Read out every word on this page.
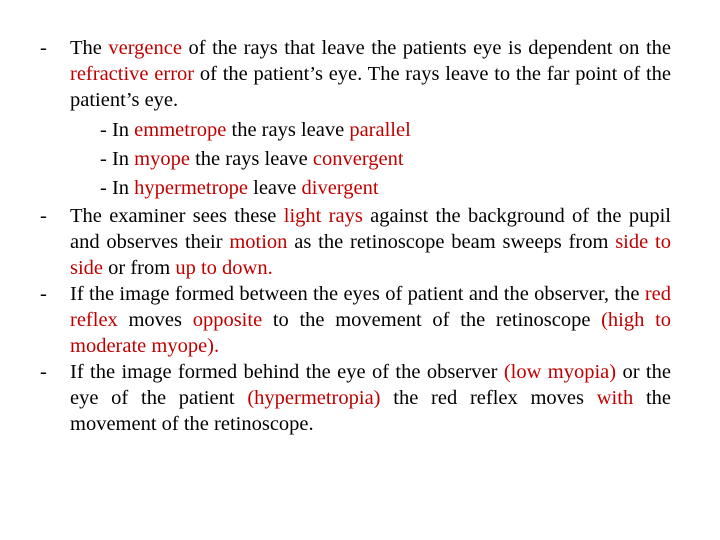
- The vergence of the rays that leave the patients eye is dependent on the refractive error of the patient’s eye. The rays leave to the far point of the patient’s eye.
- In emmetrope the rays leave parallel
- In myope the rays leave convergent
- In hypermetrope leave divergent
- The examiner sees these light rays against the background of the pupil and observes their motion as the retinoscope beam sweeps from side to side or from up to down.
- If the image formed between the eyes of patient and the observer, the red reflex moves opposite to the movement of the retinoscope (high to moderate myope).
- If the image formed behind the eye of the observer (low myopia) or the eye of the patient (hypermetropia) the red reflex moves with the movement of the retinoscope.
